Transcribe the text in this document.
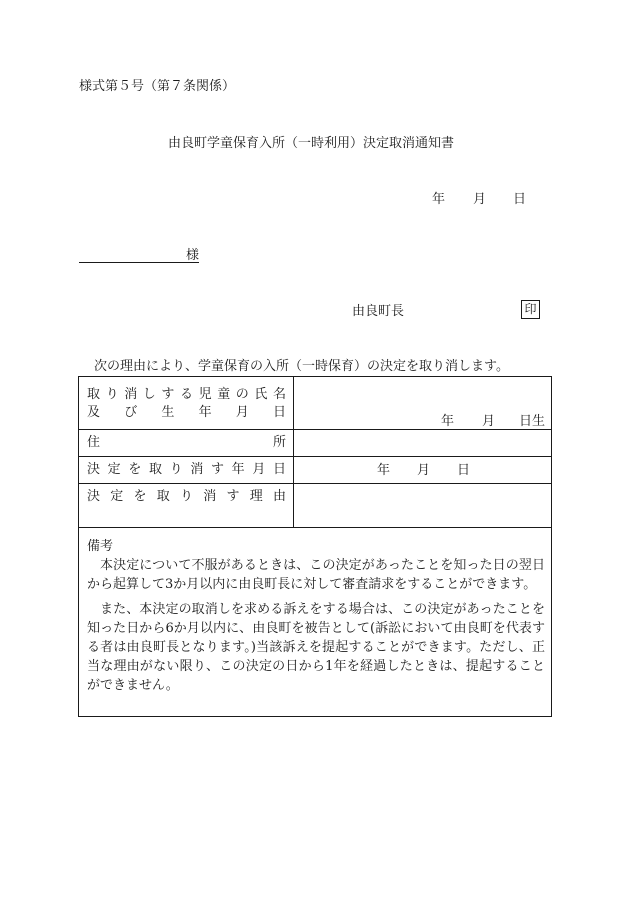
様式第５号（第７条関係）
由良町学童保育入所（一時利用）決定取消通知書
年 月 日
様
由良町長	印
次の理由により、学童保育の入所（一時保育）の決定を取り消します。
取り消しする児童の氏名
及び生年月日
年 月 日生
住所
決定を取り消す年月日	年 月 日
決定を取り消す理由

備考

本決定について不服があるときは、この決定があったことを知った日の翌日から起算して3か月以内に由良町長に対して審査請求をすることができます。

また、本決定の取消しを求める訴えをする場合は、この決定があったことを知った日から6か月以内に、由良町を被告として(訴訟において由良町を代表する者は由良町長となります。)当該訴えを提起することができます。ただし、正当な理由がない限り、この決定の日から1年を経過したときは、提起することができません。
